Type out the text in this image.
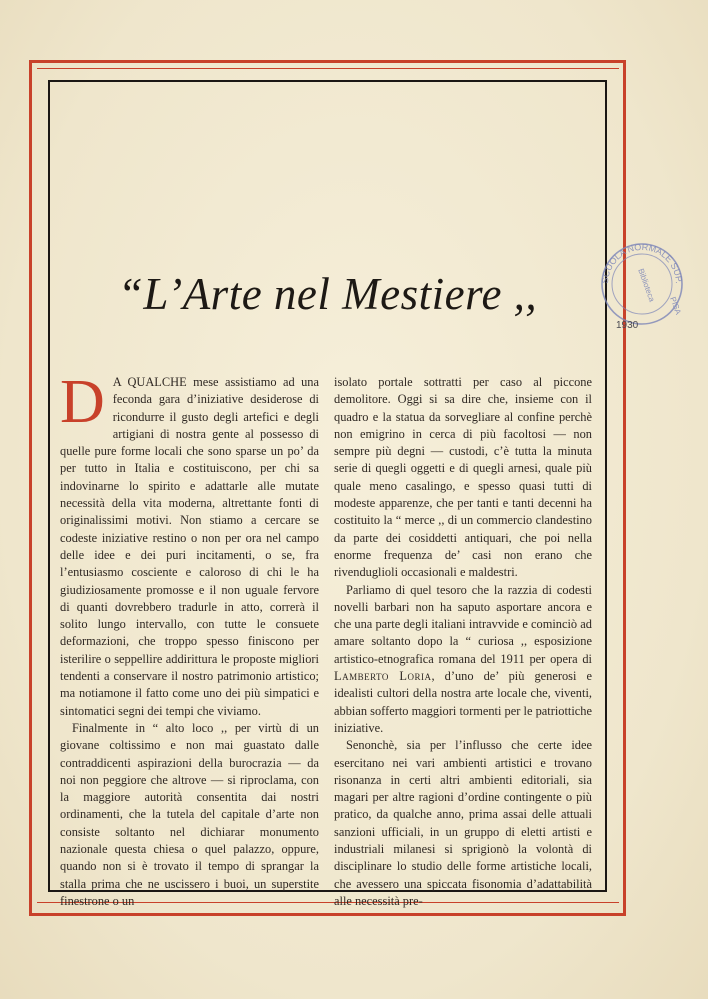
“L’Arte nel Mestiere ,,

D A QUALCHE mese assistiamo ad una feconda gara d’iniziative desiderose di ricondurre il gusto degli artefici e degli artigiani di nostra gente al possesso di quelle pure forme locali che sono sparse un po’ da per tutto in Italia e costituiscono, per chi sa indovinarne lo spirito e adattarle alle mutate necessità della vita moderna, altrettante fonti di originalissimi motivi. Non stiamo a cercare se codeste iniziative restino o non per ora nel campo delle idee e dei puri incitamenti, o se, fra l’entusiasmo cosciente e caloroso di chi le ha giudiziosamente promosse e il non uguale fervore di quanti dovrebbero tradurle in atto, correrà il solito lungo intervallo, con tutte le consuete deformazioni, che troppo spesso finiscono per isterilire o seppellire addirittura le proposte migliori tendenti a conservare il nostro patrimonio artistico; ma notiamone il fatto come uno dei più simpatici e sintomatici segni dei tempi che viviamo.

Finalmente in “ alto loco ,, per virtù di un giovane coltissimo e non mai guastato dalle contraddicenti aspirazioni della burocrazia — da noi non peggiore che altrove — si riproclama, con la maggiore autorità consentita dai nostri ordinamenti, che la tutela del capitale d’arte non consiste soltanto nel dichiarar monumento nazionale questa chiesa o quel palazzo, oppure, quando non si è trovato il tempo di sprangar la stalla prima che ne uscissero i buoi, un superstite finestrone o un

isolato portale sottratti per caso al piccone demolitore. Oggi si sa dire che, insieme con il quadro e la statua da sorvegliare al confine perchè non emigrino in cerca di più facoltosi — non sempre più degni — custodi, c’è tutta la minuta serie di quegli oggetti e di quegli arnesi, quale più quale meno casalingo, e spesso quasi tutti di modeste apparenze, che per tanti e tanti decenni ha costituito la “ merce ,, di un commercio clandestino da parte dei cosiddetti antiquari, che poi nella enorme frequenza de’ casi non erano che rivenduglioli occasionali e maldestri.

Parliamo di quel tesoro che la razzia di codesti novelli barbari non ha saputo asportare ancora e che una parte degli italiani intravvide e cominciò ad amare soltanto dopo la “ curiosa ,, esposizione artistico-etnografica romana del 1911 per opera di Lamberto Loria, d’uno de’ più generosi e idealisti cultori della nostra arte locale che, viventi, abbian sofferto maggiori tormenti per le patriottiche iniziative.

Senonchè, sia per l’influsso che certe idee esercitano nei vari ambienti artistici e trovano risonanza in certi altri ambienti editoriali, sia magari per altre ragioni d’ordine contingente o più pratico, da qualche anno, prima assai delle attuali sanzioni ufficiali, in un gruppo di eletti artisti e industriali milanesi si sprigionò la volontà di disciplinare lo studio delle forme artistiche locali, che avessero una spiccata fisonomia d’adattabilità alle necessità pre-

SCUOLA NORMALE SUP.
Biblioteca
PISA
1930
